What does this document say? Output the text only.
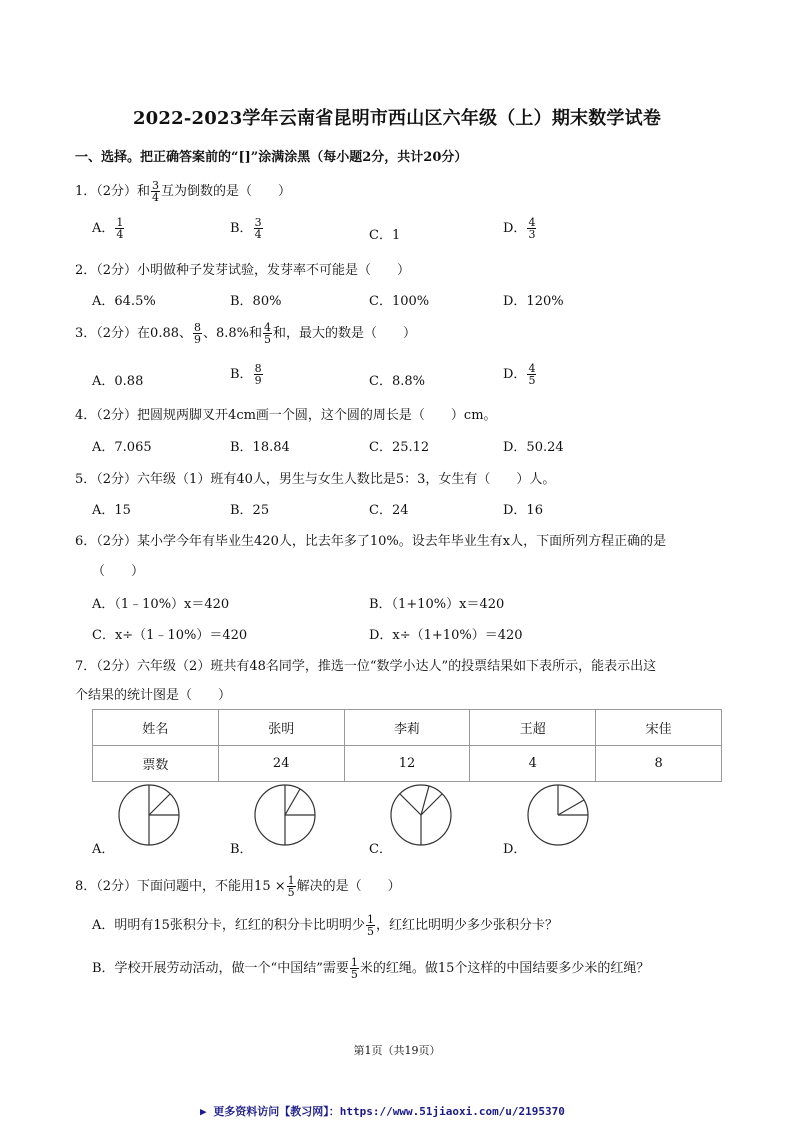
2022-2023学年云南省昆明市西山区六年级（上）期末数学试卷
一、选择。把正确答案前的“[]”涂满涂黑（每小题2分，共计20分）
1．（2分）和 $\frac{3}{4}$ 互为倒数的是（　　）
A． $\frac{1}{4}$	B． $\frac{3}{4}$	C．1	D． $\frac{4}{3}$
2．（2分）小明做种子发芽试验，发芽率不可能是（　　）
A．64.5%	B．80%	C．100%	D．120%
3．（2分）在0.88、 $\frac{8}{9}$ 、8.8%和 $\frac{4}{5}$ 和，最大的数是（　　）
A．0.88	B． $\frac{8}{9}$	C．8.8%	D． $\frac{4}{5}$
4．（2分）把圆规两脚叉开4cm画一个圆，这个圆的周长是（　　）cm。
A．7.065	B．18.84	C．25.12	D．50.24
5．（2分）六年级（1）班有40人，男生与女生人数比是5：3，女生有（　　）人。
A．15	B．25	C．24	D．16
6．（2分）某小学今年有毕业生420人，比去年多了10%。设去年毕业生有x人，下面所列方程正确的是
（　　）
A．（1﹣10%）x＝420	B．（1+10%）x＝420
C．x÷（1﹣10%）＝420	D．x÷（1+10%）＝420
7．（2分）六年级（2）班共有48名同学，推选一位“数学小达人”的投票结果如下表所示，能表示出这
个结果的统计图是（　　）
姓名	张明	李莉	王超	宋佳
票数	24	12	4	8
A．	B．	C．	D．
8．（2分）下面问题中，不能用$15 \times \frac{1}{5}$ 解决的是（　　）
A．明明有15张积分卡，红红的积分卡比明明少 $\frac{1}{5}$ ，红红比明明少多少张积分卡？
B．学校开展劳动活动，做一个“中国结”需要 $\frac{1}{5}$ 米的红绳。做15个这样的中国结要多少米的红绳？
第1页（共19页）
▶ 更多资料访问【教习网】：https://www.51jiaoxi.com/u/2195370
